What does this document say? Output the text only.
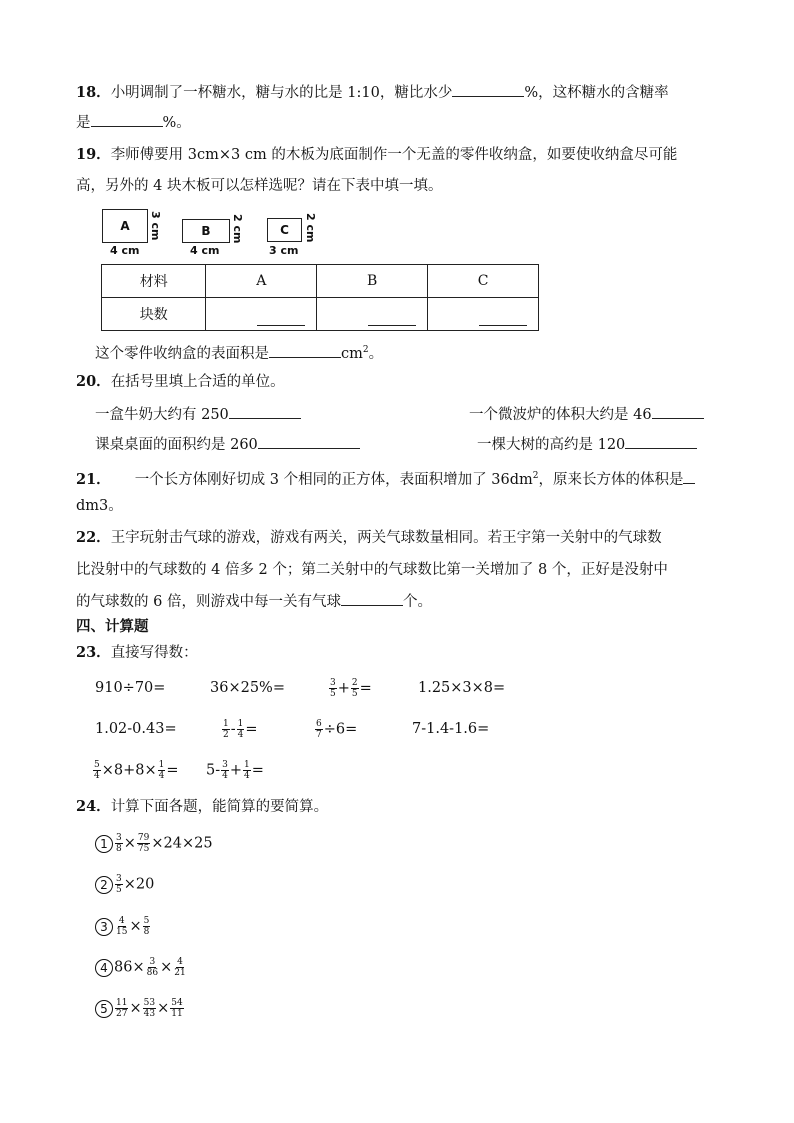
18．小明调制了一杯糖水，糖与水的比是 1:10，糖比水少	%，这杯糖水的含糖率
是	%。
19．李师傅要用 3cm×3 cm 的木板为底面制作一个无盖的零件收纳盒，如要使收纳盒尽可能
高，另外的 4 块木板可以怎样选呢？请在下表中填一填。
A	3 cm
4 cm
B	2 cm
4 cm
C	2 cm
3 cm
材料	A	B	C
块数			
这个零件收纳盒的表面积是	$cm^2$。
20．在括号里填上合适的单位。
一盒牛奶大约有 250	一个微波炉的体积大约是 46
课桌桌面的面积约是 260	一棵大树的高约是 120
21． 一个长方体刚好切成 3 个相同的正方体，表面积增加了 $36dm^2$，原来长方体的体积是
dm3。
22．王宇玩射击气球的游戏，游戏有两关，两关气球数量相同。若王宇第一关射中的气球数
比没射中的气球数的 4 倍多 2 个；第二关射中的气球数比第一关增加了 8 个，正好是没射中
的气球数的 6 倍，则游戏中每一关有气球	个。
四、计算题
23．直接写得数：
910÷70=	36×25%=	$\frac{3}{5} + \frac{2}{5}$ =	1.25×3×8=
1.02-0.43=	$\frac{1}{2} - \frac{1}{4}$ =	$\frac{6}{7} \div 6=$	7-1.4-1.6=
$\frac{5}{4} \times 8+8\times \frac{1}{4} = 5- \frac{3}{4} + \frac{1}{4}$ =
24．计算下面各题，能简算的要简算。
$1 \frac{3}{8} \times \frac{79}{75} \times 24\times 25$
$2 \frac{3}{5} \times 20$
$3 \frac{4}{15} \times \frac{5}{8}$
4 $86\times \frac{3}{86} \times \frac{4}{21}$
$5 \frac{11}{27} \times \frac{53}{43} \times \frac{54}{11}$
